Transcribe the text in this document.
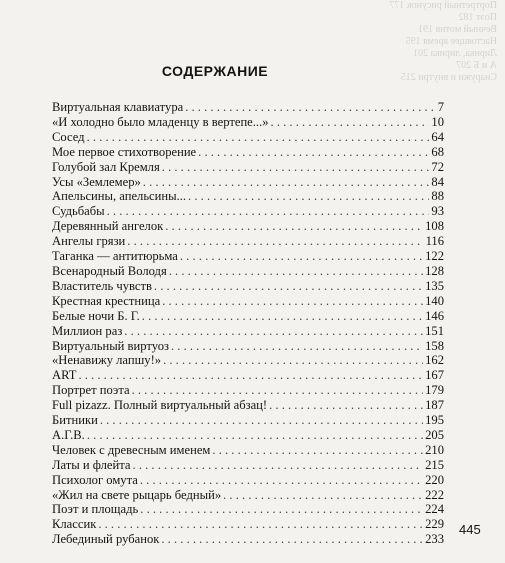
Портретный рисунок 177
Поэт 182
Вечный мотив 191
Настоящее время 195
Лирика, лирика 201
А и Б 207
Снаружи и внутри 215
СОДЕРЖАНИЕ
Виртуальная клавиатура . . .	7
«И холодно было младенцу в вертепе...» . . .	10
Сосед . . .	64
Мое первое стихотворение . . .	68
Голубой зал Кремля . . .	72
Усы «Землемер» . . .	84
Апельсины, апельсины... . . .	88
Судьбабы . . .	93
Деревянный ангелок . . .	108
Ангелы грязи . . .	116
Таганка — антитюрьма . . .	122
Всенародный Володя . . .	128
Властитель чувств . . .	135
Крестная крестница . . .	140
Белые ночи Б. Г. . . .	146
Миллион раз . . .	151
Виртуальный виртуоз . . .	158
«Ненавижу лапшу!» . . .	162
ART . . .	167
Портрет поэта . . .	179
Full pizazz. Полный виртуальный абзац! . . .	187
Битники . . .	195
А.Г.В. . . .	205
Человек с древесным именем . . .	210
Латы и флейта . . .	215
Психолог омута . . .	220
«Жил на свете рыцарь бедный» . . .	222
Поэт и площадь . . .	224
Классик . . .	229
Лебединый рубанок . . .	233
445
